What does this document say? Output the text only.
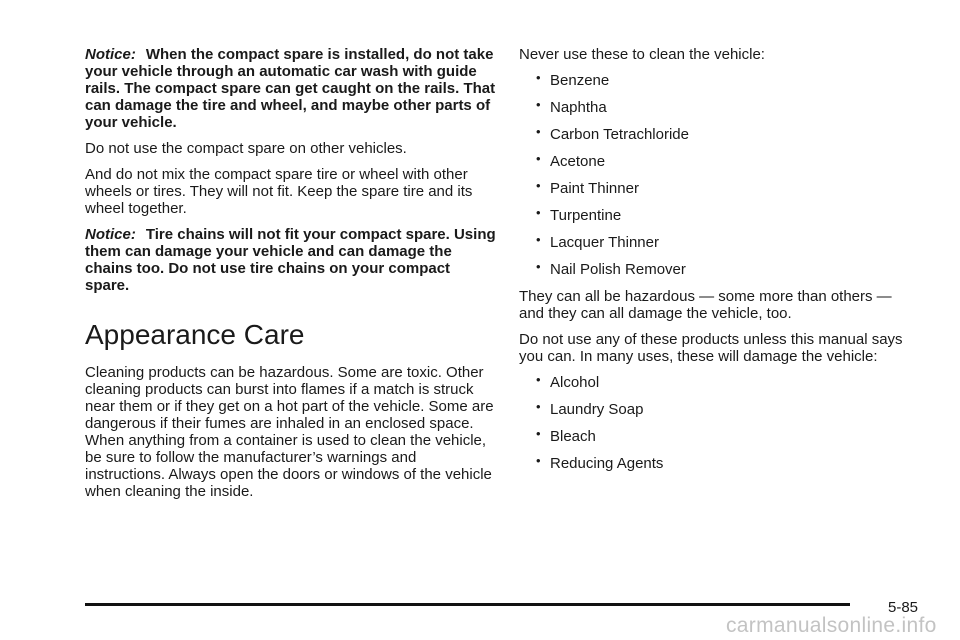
Notice: When the compact spare is installed, do not take your vehicle through an automatic car wash with guide rails. The compact spare can get caught on the rails. That can damage the tire and wheel, and maybe other parts of your vehicle.

Do not use the compact spare on other vehicles.

And do not mix the compact spare tire or wheel with other wheels or tires. They will not fit. Keep the spare tire and its wheel together.

Notice: Tire chains will not fit your compact spare. Using them can damage your vehicle and can damage the chains too. Do not use tire chains on your compact spare.

Appearance Care

Cleaning products can be hazardous. Some are toxic. Other cleaning products can burst into flames if a match is struck near them or if they get on a hot part of the vehicle. Some are dangerous if their fumes are inhaled in an enclosed space. When anything from a container is used to clean the vehicle, be sure to follow the manufacturer’s warnings and instructions. Always open the doors or windows of the vehicle when cleaning the inside.

Never use these to clean the vehicle:

• Benzene
• Naphtha
• Carbon Tetrachloride
• Acetone
• Paint Thinner
• Turpentine
• Lacquer Thinner
• Nail Polish Remover

They can all be hazardous — some more than others —and they can all damage the vehicle, too.

Do not use any of these products unless this manual says you can. In many uses, these will damage the vehicle:

• Alcohol
• Laundry Soap
• Bleach
• Reducing Agents
5-85
carmanualsonline.info
